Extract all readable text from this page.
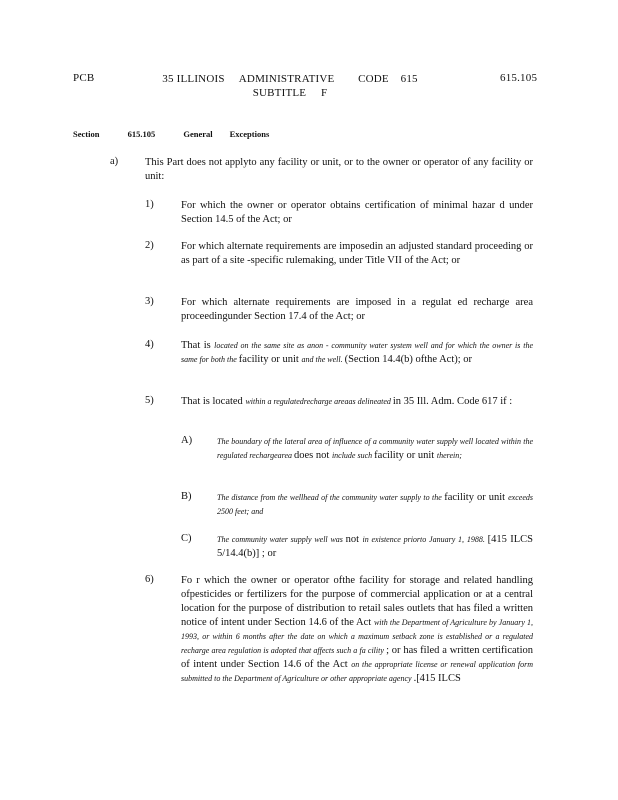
PCB	35 ILLINOIS     ADMINISTRATIVE        CODE    615
SUBTITLE     F
615.105
Section	615.105	General        Exceptions
a)	This Part does not applyto any facility or unit, or to the owner or operator of any facility or unit:
1)	For which the owner or operator obtains certification of minimal hazar d under Section 14.5 of the Act; or
2)	For which alternate requirements are imposedin an adjusted standard proceeding or as part of a site -specific rulemaking, under Title VII of the Act; or
3)	For which alternate requirements are imposed in a regulat ed recharge area proceedingunder Section 17.4 of the Act; or
4)	That is located on the same site as anon - community water system well and for which the owner is the same for both the facility or unit and the well. (Section 14.4(b) ofthe Act); or
5)	That is located within a regulatedrecharge areaas delineated in 35 Ill. Adm. Code 617 if :
A)	The boundary of the lateral area of influence of a community water supply well located within the regulated rechargearea does not include such facility or unit therein;
B)	The distance from the wellhead of the community water supply to the facility or unit exceeds 2500 feet; and
C)	The community water supply well was not in existence priorto January 1, 1988. [415 ILCS 5/14.4(b)] ; or
6)	Fo r which the owner or operator ofthe facility for storage and related handling ofpesticides or fertilizers for the purpose of commercial application or at a central location for the purpose of distribution to retail sales outlets that has filed a written notice of intent under Section 14.6 of the Act with the Department of Agriculture by January 1, 1993, or within 6 months after the date on which a maximum setback zone is established or a regulated recharge area regulation is adopted that affects such a fa cility ; or has filed a written certification of intent under Section 14.6 of the Act on the appropriate license or renewal application form submitted to the Department of Agriculture or other appropriate agency .[415 ILCS
